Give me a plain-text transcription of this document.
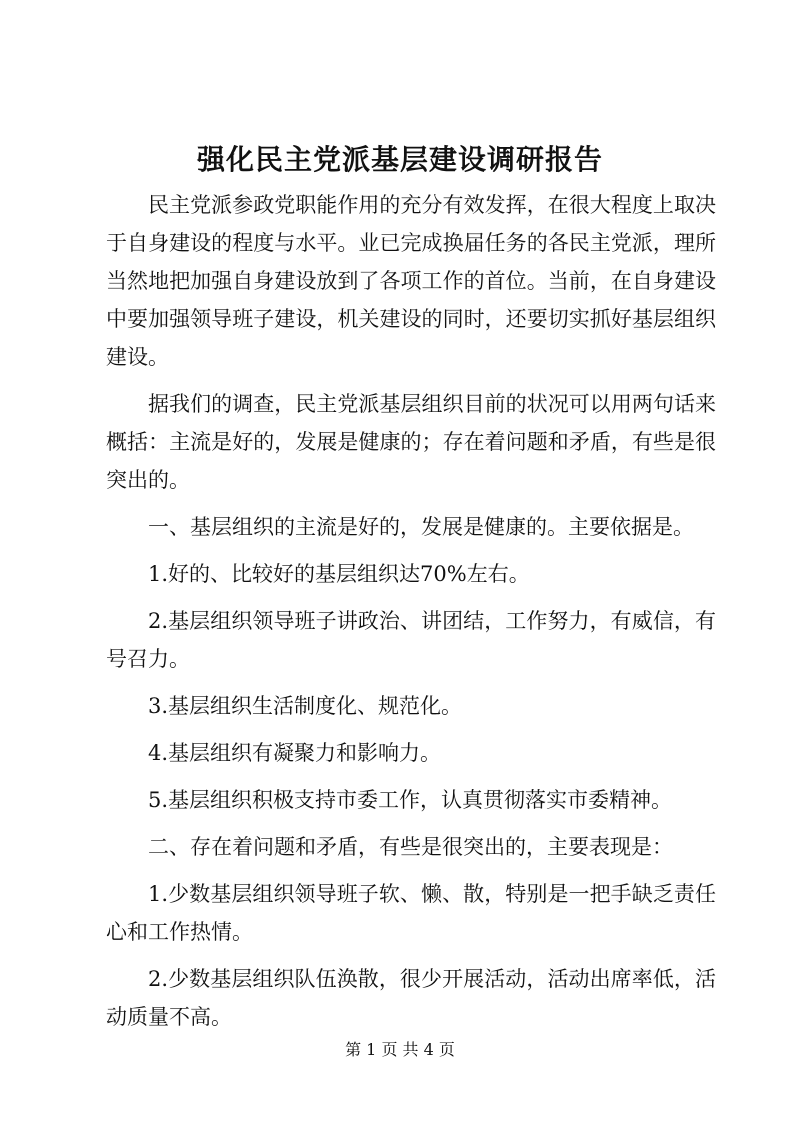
强化民主党派基层建设调研报告

民主党派参政党职能作用的充分有效发挥，在很大程度上取决于自身建设的程度与水平。业已完成换届任务的各民主党派，理所当然地把加强自身建设放到了各项工作的首位。当前，在自身建设中要加强领导班子建设，机关建设的同时，还要切实抓好基层组织建设。

据我们的调查，民主党派基层组织目前的状况可以用两句话来概括：主流是好的，发展是健康的；存在着问题和矛盾，有些是很突出的。

一、基层组织的主流是好的，发展是健康的。主要依据是。

1.好的、比较好的基层组织达70%左右。

2.基层组织领导班子讲政治、讲团结，工作努力，有威信，有号召力。

3.基层组织生活制度化、规范化。

4.基层组织有凝聚力和影响力。

5.基层组织积极支持市委工作，认真贯彻落实市委精神。

二、存在着问题和矛盾，有些是很突出的，主要表现是：

1.少数基层组织领导班子软、懒、散，特别是一把手缺乏责任心和工作热情。

2.少数基层组织队伍涣散，很少开展活动，活动出席率低，活动质量不高。

第 1 页 共 4 页
